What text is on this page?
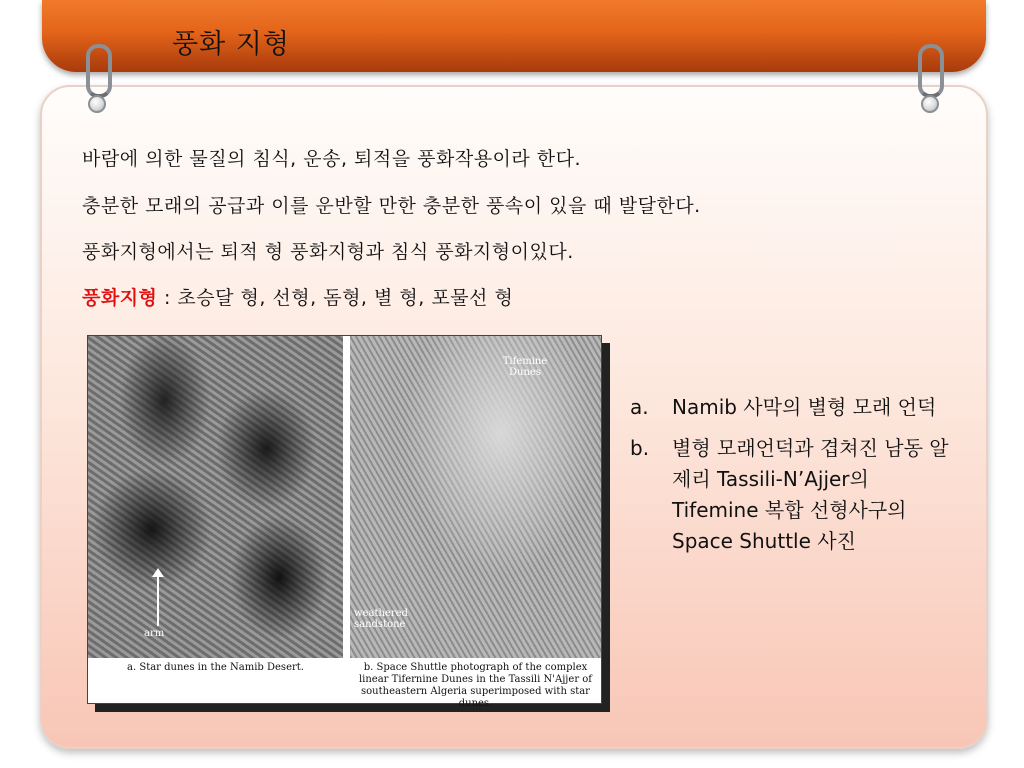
풍화 지형
바람에 의한 물질의 침식, 운송, 퇴적을 풍화작용이라 한다.
충분한 모래의 공급과 이를 운반할 만한 충분한 풍속이 있을 때 발달한다.
풍화지형에서는 퇴적 형 풍화지형과 침식 풍화지형이있다.
풍화지형 : 초승달 형, 선형, 돔형, 별 형, 포물선 형
arm
Tifemine Dunes
weathered sandstone
a. Star dunes in the Namib Desert.	b. Space Shuttle photograph of the complex linear Tifernine Dunes in the Tassili N'Ajjer of southeastern Algeria superimposed with star dunes.
a.	Namib 사막의 별형 모래 언덕
b.	별형 모래언덕과 겹쳐진 남동 알제리 Tassili-N’Ajjer의 Tifemine 복합 선형사구의 Space Shuttle 사진
